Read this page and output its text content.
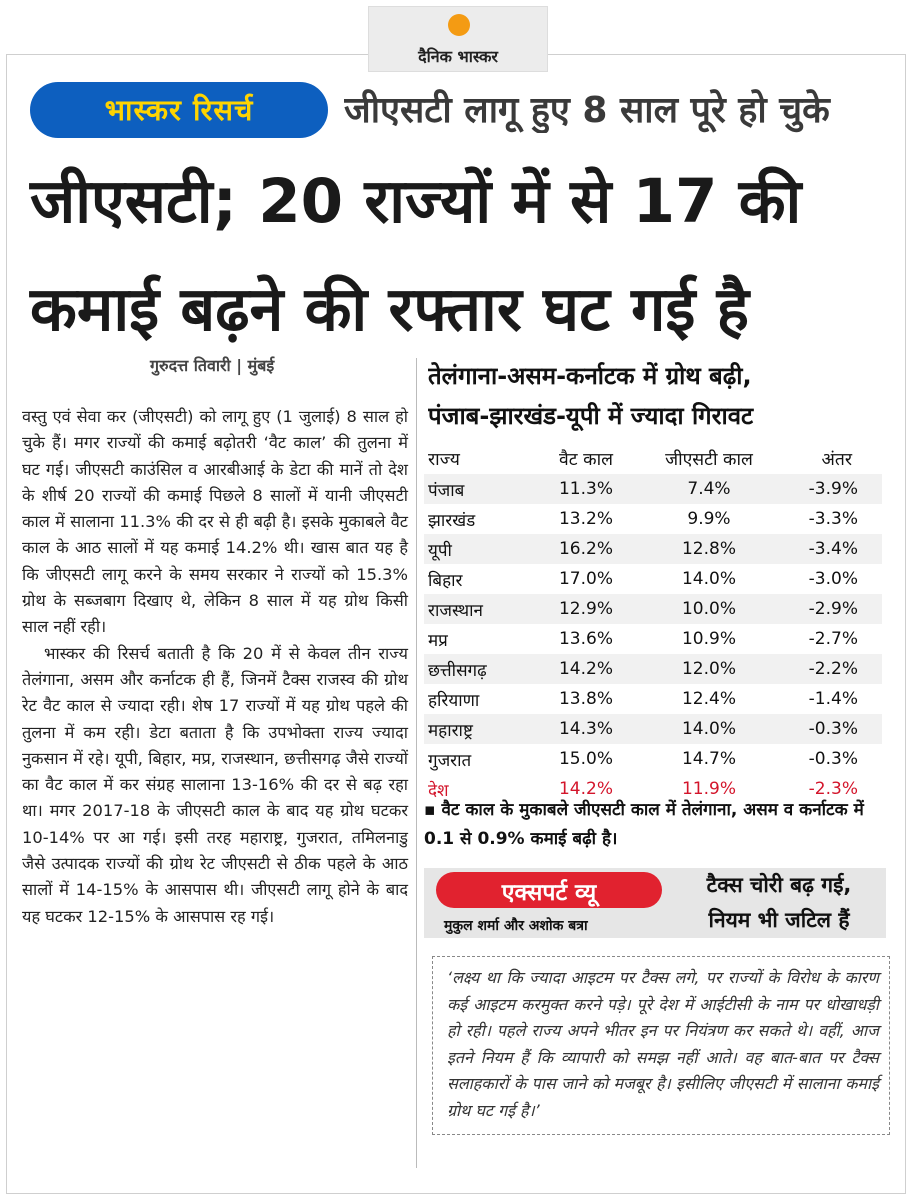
दैनिक भास्कर
भास्कर रिसर्च	जीएसटी लागू हुए 8 साल पूरे हो चुके
जीएसटी; 20 राज्यों में से 17 की
कमाई बढ़ने की रफ्तार घट गई है
गुरुदत्त तिवारी | मुंबई

वस्तु एवं सेवा कर (जीएसटी) को लागू हुए (1 जुलाई) 8 साल हो चुके हैं। मगर राज्यों की कमाई बढ़ोतरी ‘वैट काल’ की तुलना में घट गई। जीएसटी काउंसिल व आरबीआई के डेटा की मानें तो देश के शीर्ष 20 राज्यों की कमाई पिछले 8 सालों में यानी जीएसटी काल में सालाना 11.3% की दर से ही बढ़ी है। इसके मुकाबले वैट काल के आठ सालों में यह कमाई 14.2% थी। खास बात यह है कि जीएसटी लागू करने के समय सरकार ने राज्यों को 15.3% ग्रोथ के सब्जबाग दिखाए थे, लेकिन 8 साल में यह ग्रोथ किसी साल नहीं रही।

भास्कर की रिसर्च बताती है कि 20 में से केवल तीन राज्य तेलंगाना, असम और कर्नाटक ही हैं, जिनमें टैक्स राजस्व की ग्रोथ रेट वैट काल से ज्यादा रही। शेष 17 राज्यों में यह ग्रोथ पहले की तुलना में कम रही। डेटा बताता है कि उपभोक्ता राज्य ज्यादा नुकसान में रहे। यूपी, बिहार, मप्र, राजस्थान, छत्तीसगढ़ जैसे राज्यों का वैट काल में कर संग्रह सालाना 13-16% की दर से बढ़ रहा था। मगर 2017-18 के जीएसटी काल के बाद यह ग्रोथ घटकर 10-14% पर आ गई। इसी तरह महाराष्ट्र, गुजरात, तमिलनाडु जैसे उत्पादक राज्यों की ग्रोथ रेट जीएसटी से ठीक पहले के आठ सालों में 14-15% के आसपास थी। जीएसटी लागू होने के बाद यह घटकर 12-15% के आसपास रह गई।

तेलंगाना-असम-कर्नाटक में ग्रोथ बढ़ी,
पंजाब-झारखंड-यूपी में ज्यादा गिरावट
राज्य	वैट काल	जीएसटी काल	अंतर
पंजाब	11.3%	7.4%	-3.9%
झारखंड	13.2%	9.9%	-3.3%
यूपी	16.2%	12.8%	-3.4%
बिहार	17.0%	14.0%	-3.0%
राजस्थान	12.9%	10.0%	-2.9%
मप्र	13.6%	10.9%	-2.7%
छत्तीसगढ़	14.2%	12.0%	-2.2%
हरियाणा	13.8%	12.4%	-1.4%
महाराष्ट्र	14.3%	14.0%	-0.3%
गुजरात	15.0%	14.7%	-0.3%
देश	14.2%	11.9%	-2.3%
▪ वैट काल के मुकाबले जीएसटी काल में तेलंगाना, असम व कर्नाटक में 0.1 से 0.9% कमाई बढ़ी है।
एक्सपर्ट व्यू
मुकुल शर्मा और अशोक बत्रा
टैक्स चोरी बढ़ गई,
नियम भी जटिल हैं
‘लक्ष्य था कि ज्यादा आइटम पर टैक्स लगे, पर राज्यों के विरोध के कारण कई आइटम करमुक्त करने पड़े। पूरे देश में आईटीसी के नाम पर धोखाधड़ी हो रही। पहले राज्य अपने भीतर इन पर नियंत्रण कर सकते थे। वहीं, आज इतने नियम हैं कि व्यापारी को समझ नहीं आते। वह बात-बात पर टैक्स सलाहकारों के पास जाने को मजबूर है। इसीलिए जीएसटी में सालाना कमाई ग्रोथ घट गई है।’
